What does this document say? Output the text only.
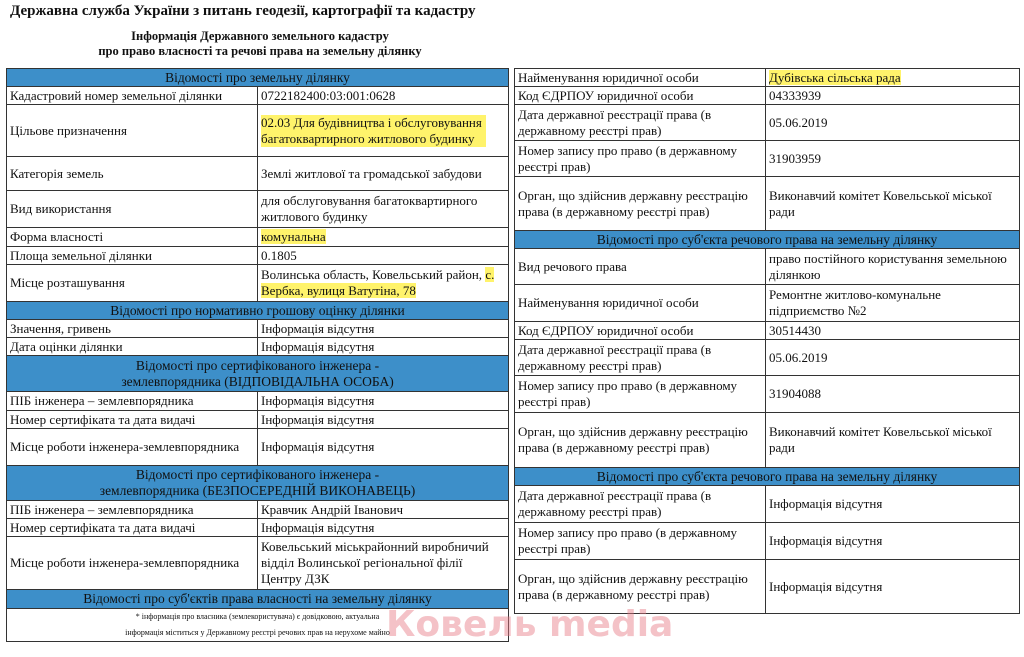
Державна служба України з питань геодезії, картографії та кадастру
Інформація Державного земельного кадастру
про право власності та речові права на земельну ділянку
Відомості про земельну ділянку	
Кадастровий номер земельної ділянки	0722182400:03:001:0628
Цільове призначення	02.03 Для будівництва і обслуговування багатоквартирного житлового будинку

Категорія земель	Землі житлової та громадської забудови
Вид використання	для обслуговування багатоквартирного житлового будинку
Форма власності	комунальна
Площа земельної ділянки	0.1805
Місце розташування	Волинська область, Ковельський район, с. Вербка, вулиця Ватутіна, 78
Відомості про нормативно грошову оцінку ділянки	
Значення, гривень	Інформація відсутня
Дата оцінки ділянки	Інформація відсутня

Відомості про сертифікованого інженера -
землевпорядника (ВІДПОВІДАЛЬНА ОСОБА)	

ПІБ інженера – землевпорядника	Інформація відсутня
Номер сертифіката та дата видачі	Інформація відсутня
Місце роботи інженера-землевпорядника	Інформація відсутня

Відомості про сертифікованого інженера -
землевпорядника (БЕЗПОСЕРЕДНІЙ ВИКОНАВЕЦЬ)	

ПІБ інженера – землевпорядника	Кравчик Андрій Іванович
Номер сертифіката та дата видачі	Інформація відсутня
Місце роботи інженера-землевпорядника	Ковельський міськрайонний виробничий відділ Волинської регіональної філії Центру ДЗК
Відомості про суб'єктів права власності на земельну ділянку	

* інформація про власника (землекористувача) є довідковою, актуальна
інформація міститься у Державному реєстрі речових прав на нерухоме майно	
Найменування юридичної особи	Дубівська сільська рада
Код ЄДРПОУ юридичної особи	04333939
Дата державної реєстрації права (в державному реєстрі прав)	05.06.2019
Номер запису про право (в державному реєстрі прав)	31903959
Орган, що здійснив державну реєстрацію права (в державному реєстрі прав)	Виконавчий комітет Ковельської міської ради
Відомості про суб'єкта речового права на земельну ділянку	
Вид речового права	право постійного користування земельною ділянкою
Найменування юридичної особи	Ремонтне житлово-комунальне підприємство №2
Код ЄДРПОУ юридичної особи	30514430
Дата державної реєстрації права (в державному реєстрі прав)	05.06.2019
Номер запису про право (в державному реєстрі прав)	31904088
Орган, що здійснив державну реєстрацію права (в державному реєстрі прав)	Виконавчий комітет Ковельської міської ради
Відомості про суб'єкта речового права на земельну ділянку	
Дата державної реєстрації права (в державному реєстрі прав)	Інформація відсутня
Номер запису про право (в державному реєстрі прав)	Інформація відсутня
Орган, що здійснив державну реєстрацію права (в державному реєстрі прав)	Інформація відсутня
Ковель media
